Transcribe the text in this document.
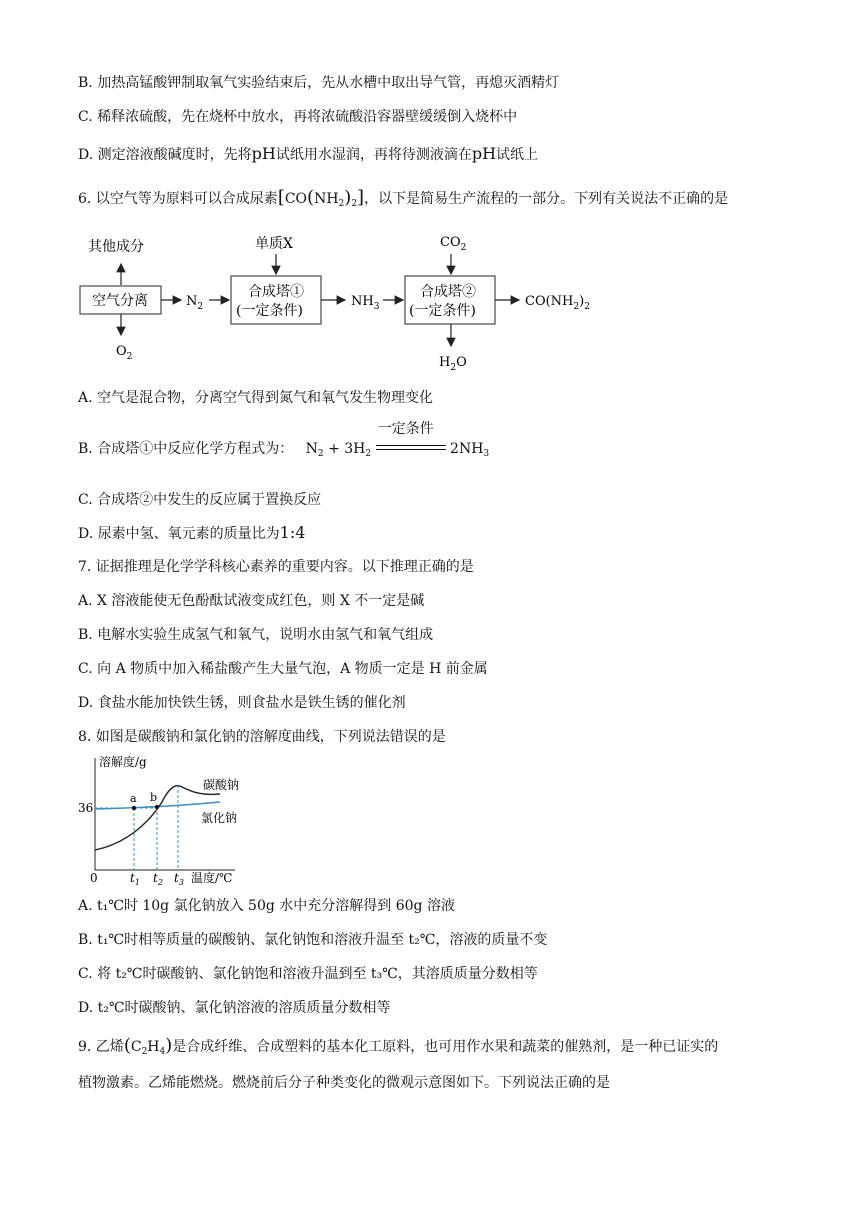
B. 加热高锰酸钾制取氧气实验结束后，先从水槽中取出导气管，再熄灭酒精灯
C. 稀释浓硫酸，先在烧杯中放水，再将浓硫酸沿容器壁缓缓倒入烧杯中
D. 测定溶液酸碱度时，先将pH试纸用水湿润，再将待测液滴在pH试纸上
6. 以空气等为原料可以合成尿素$[CO(NH_2)_2]$，以下是简易生产流程的一部分。下列有关说法不正确的是
其他成分
空气分离
$O_2$
$N_2$
单质X
合成塔①
(一定条件)
$NH_3$
$CO_2$
合成塔②
(一定条件)
$CO(NH_2)_2$
$H_2O$
A. 空气是混合物，分离空气得到氮气和氧气发生物理变化
B. 合成塔①中反应化学方程式为： $N_2 + 3H_2$
一定条件
$2NH_3$
C. 合成塔②中发生的反应属于置换反应
D. 尿素中氢、氧元素的质量比为1:4
7. 证据推理是化学学科核心素养的重要内容。以下推理正确的是
A. X 溶液能使无色酚酞试液变成红色，则 X 不一定是碱
B. 电解水实验生成氢气和氧气，说明水由氢气和氧气组成
C. 向 A 物质中加入稀盐酸产生大量气泡，A 物质一定是 H 前金属
D. 食盐水能加快铁生锈，则食盐水是铁生锈的催化剂
8. 如图是碳酸钠和氯化钠的溶解度曲线，下列说法错误的是
溶解度/g
温度/℃
0
36
a b
碳酸钠
氯化钠
$t_1$ $t_2$ $t_3$
A. t₁℃时 10g 氯化钠放入 50g 水中充分溶解得到 60g 溶液
B. t₁℃时相等质量的碳酸钠、氯化钠饱和溶液升温至 t₂℃，溶液的质量不变
C. 将 t₂℃时碳酸钠、氯化钠饱和溶液升温到至 t₃℃，其溶质质量分数相等
D. t₂℃时碳酸钠、氯化钠溶液的溶质质量分数相等
9. 乙烯$(C_2H_4)$是合成纤维、合成塑料的基本化工原料，也可用作水果和蔬菜的催熟剂，是一种已证实的
植物激素。乙烯能燃烧。燃烧前后分子种类变化的微观示意图如下。下列说法正确的是
